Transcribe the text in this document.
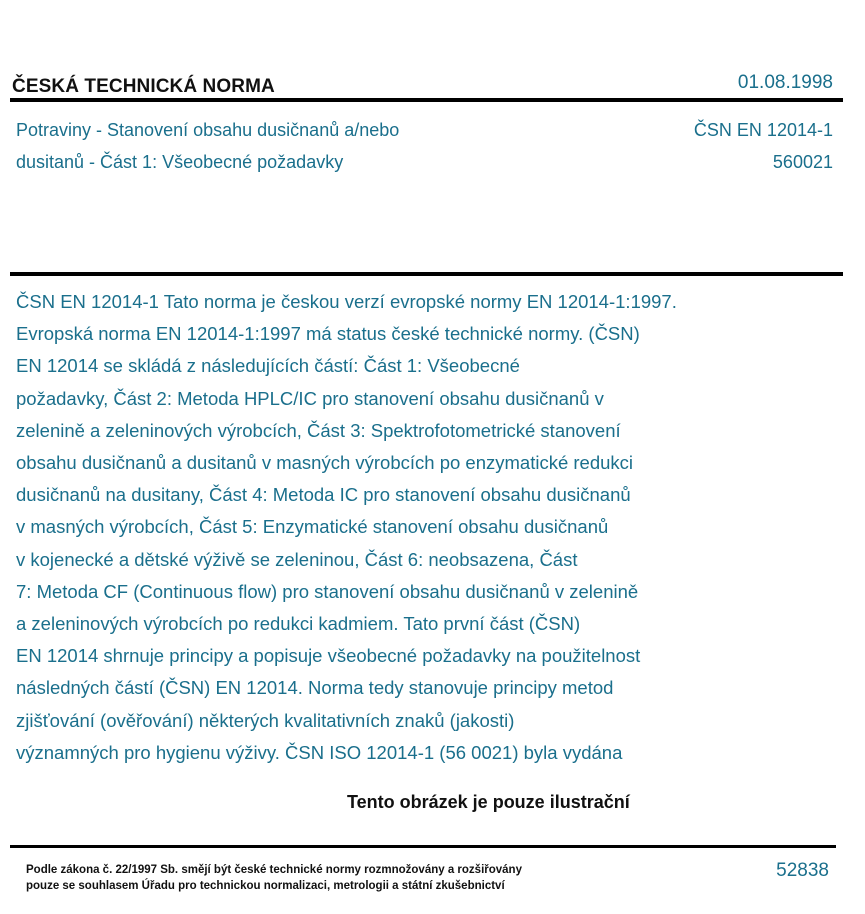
ČESKÁ TECHNICKÁ NORMA	01.08.1998
Potraviny - Stanovení obsahu dusičnanů a/nebo
dusitanů - Část 1: Všeobecné požadavky
ČSN EN 12014-1
560021
ČSN EN 12014-1 Tato norma je českou verzí evropské normy EN 12014-1:1997.
Evropská norma EN 12014-1:1997 má status české technické normy. (ČSN)
EN 12014 se skládá z následujících částí: Část 1: Všeobecné
požadavky, Část 2: Metoda HPLC/IC pro stanovení obsahu dusičnanů v
zelenině a zeleninových výrobcích, Část 3: Spektrofotometrické stanovení
obsahu dusičnanů a dusitanů v masných výrobcích po enzymatické redukci
dusičnanů na dusitany, Část 4: Metoda IC pro stanovení obsahu dusičnanů
v masných výrobcích, Část 5: Enzymatické stanovení obsahu dusičnanů
v kojenecké a dětské výživě se zeleninou, Část 6: neobsazena, Část
7: Metoda CF (Continuous flow) pro stanovení obsahu dusičnanů v zelenině
a zeleninových výrobcích po redukci kadmiem. Tato první část (ČSN)
EN 12014 shrnuje principy a popisuje všeobecné požadavky na použitelnost
následných částí (ČSN) EN 12014. Norma tedy stanovuje principy metod
zjišťování (ověřování) některých kvalitativních znaků (jakosti)
významných pro hygienu výživy. ČSN ISO 12014-1 (56 0021) byla vydána
Tento obrázek je pouze ilustrační
Podle zákona č. 22/1997 Sb. smějí být české technické normy rozmnožovány a rozšiřovány
pouze se souhlasem Úřadu pro technickou normalizaci, metrologii a státní zkušebnictví
52838
